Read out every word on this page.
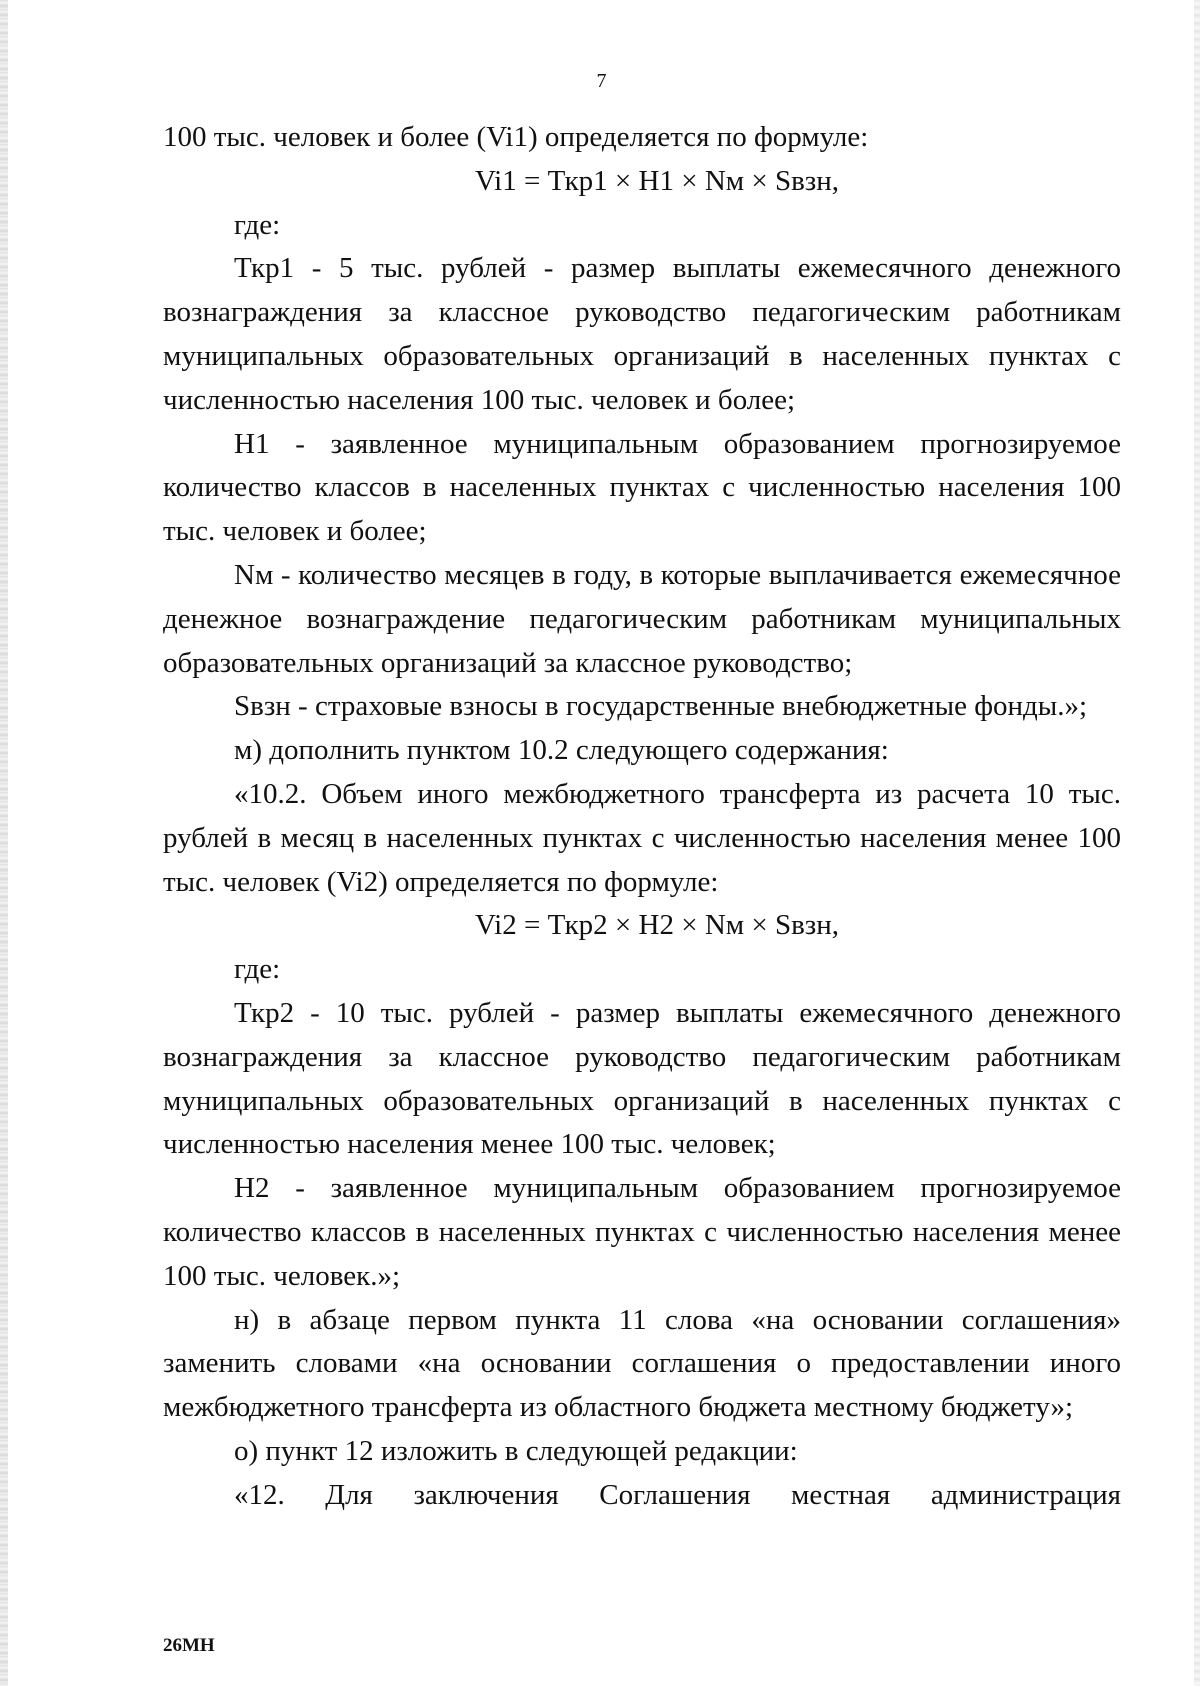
7

100 тыс. человек и более (Vi1) определяется по формуле:

Vi1 = Ткр1 × Н1 × Nм × Sвзн,

где:

Ткр1 - 5 тыс. рублей - размер выплаты ежемесячного денежного вознаграждения за классное руководство педагогическим работникам муниципальных образовательных организаций в населенных пунктах с численностью населения 100 тыс. человек и более;

Н1 - заявленное муниципальным образованием прогнозируемое количество классов в населенных пунктах с численностью населения 100 тыс. человек и более;

Nм - количество месяцев в году, в которые выплачивается ежемесячное денежное вознаграждение педагогическим работникам муниципальных образовательных организаций за классное руководство;

Sвзн - страховые взносы в государственные внебюджетные фонды.»;

м) дополнить пунктом 10.2 следующего содержания:

«10.2. Объем иного межбюджетного трансферта из расчета 10 тыс. рублей в месяц в населенных пунктах с численностью населения менее 100 тыс. человек (Vi2) определяется по формуле:

Vi2 = Ткр2 × Н2 × Nм × Sвзн,

где:

Ткр2 - 10 тыс. рублей - размер выплаты ежемесячного денежного вознаграждения за классное руководство педагогическим работникам муниципальных образовательных организаций в населенных пунктах с численностью населения менее 100 тыс. человек;

Н2 - заявленное муниципальным образованием прогнозируемое количество классов в населенных пунктах с численностью населения менее 100 тыс. человек.»;

н) в абзаце первом пункта 11 слова «на основании соглашения» заменить словами «на основании соглашения о предоставлении иного межбюджетного трансферта из областного бюджета местному бюджету»;

о) пункт 12 изложить в следующей редакции:

«12. Для заключения Соглашения местная администрация

26МН
